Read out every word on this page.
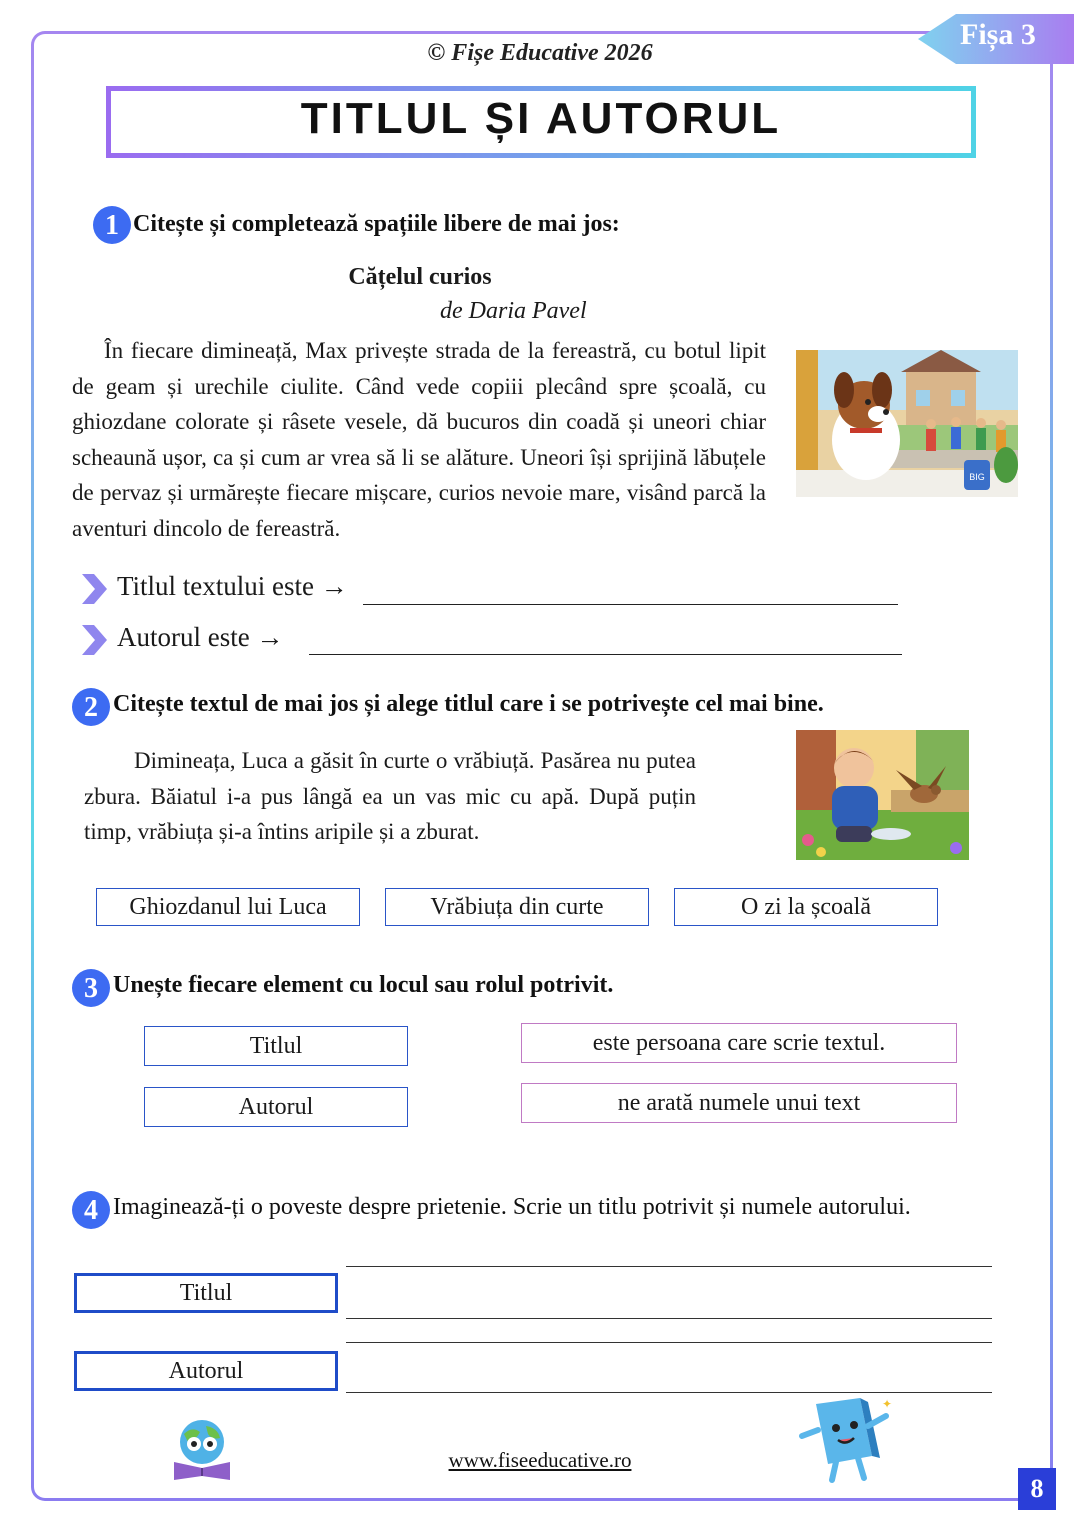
Fișa 3
© Fișe Educative 2026
TITLUL ȘI AUTORUL
1 Citește și completează spațiile libere de mai jos:
Cățelul curios
de Daria Pavel
În fiecare dimineață, Max privește strada de la fereastră, cu botul lipit de geam și urechile ciulite. Când vede copiii plecând spre școală, cu ghiozdane colorate și râsete vesele, dă bucuros din coadă și uneori chiar scheaună ușor, ca și cum ar vrea să li se alăture. Uneori își sprijină lăbuțele de pervaz și urmărește fiecare mișcare, curios nevoie mare, visând parcă la aventuri dincolo de fereastră.
BIG
Titlul textului este →
Autorul este →
2 Citește textul de mai jos și alege titlul care i se potrivește cel mai bine.
Dimineața, Luca a găsit în curte o vrăbiuță. Pasărea nu putea zbura. Băiatul i-a pus lângă ea un vas mic cu apă. După puțin timp, vrăbiuța și-a întins aripile și a zburat.
Ghiozdanul lui Luca	Vrăbiuța din curte	O zi la școală
3 Unește fiecare element cu locul sau rolul potrivit.
Titlul
Autorul
este persoana care scrie textul.
ne arată numele unui text
4 Imaginează-ți o poveste despre prietenie. Scrie un titlu potrivit și numele autorului.
Titlul
Autorul
www.fiseeducative.ro
✦
8
